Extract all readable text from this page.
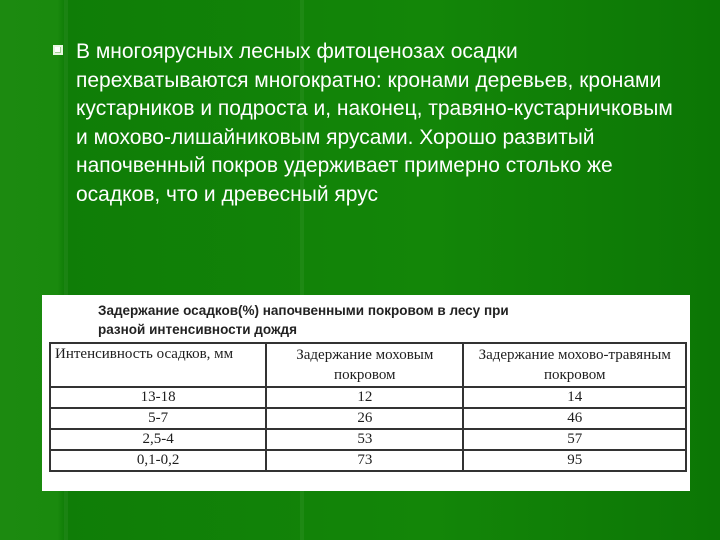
В многоярусных лесных фитоценозах осадки перехватываются многократно: кронами деревьев, кронами кустарников и подроста и, наконец, травяно-кустарничковым и мохово-лишайниковым ярусами. Хорошо развитый напочвенный покров удерживает примерно столько же осадков, что и древесный ярус
Задержание осадков(%) напочвенными покровом в лесу при
разной интенсивности дождя
Интенсивность осадков, мм	Задержание моховым покровом	Задержание мохово-травяным покровом
13-18	12	14
5-7	26	46
2,5-4	53	57
0,1-0,2	73	95
